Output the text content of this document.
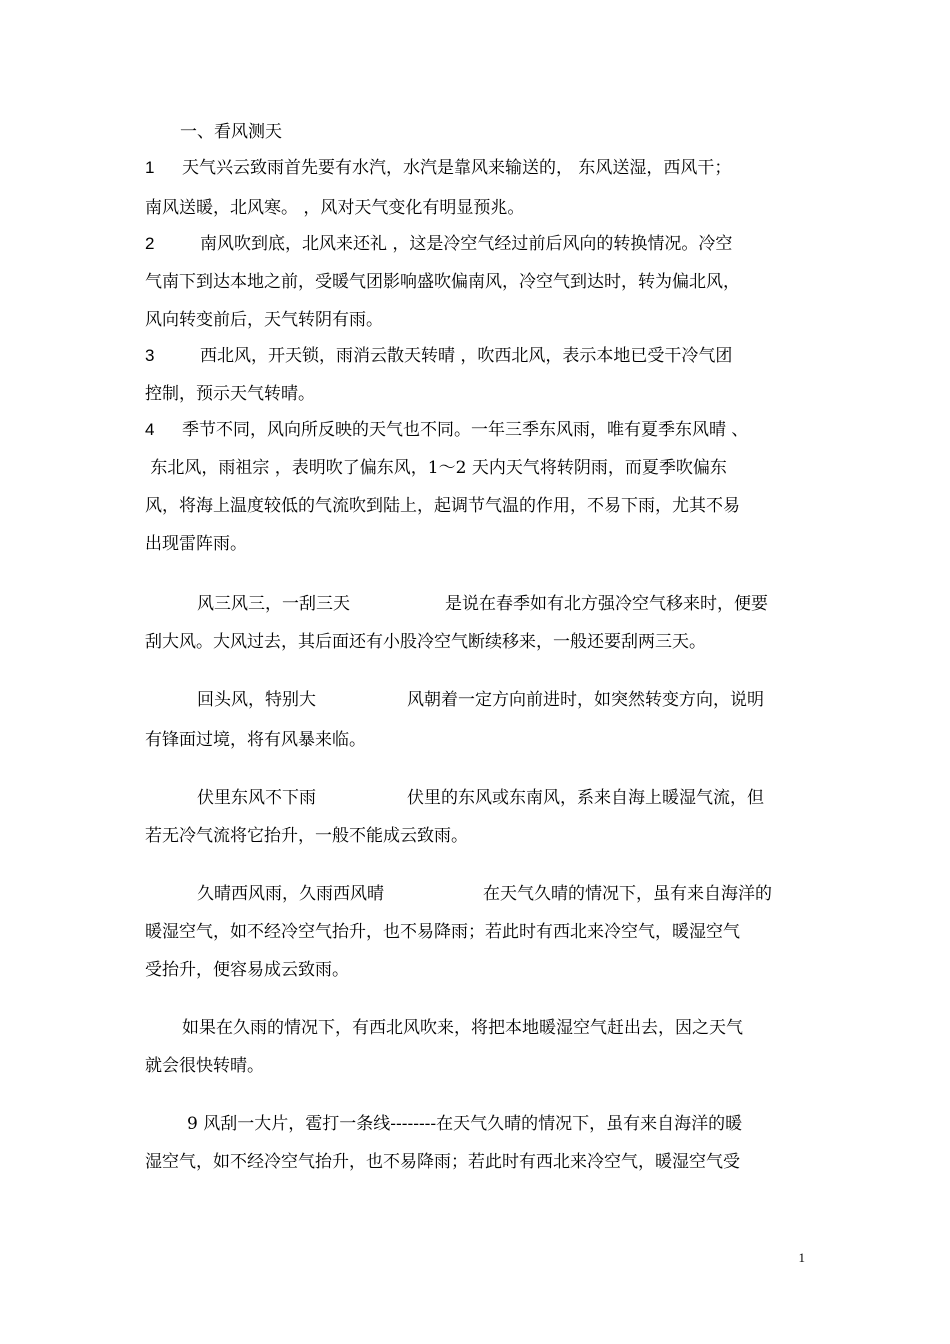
一、看风测天
1 天气兴云致雨首先要有水汽，水汽是靠风来输送的， 东风送湿，西风干；
南风送暖，北风寒。 ，风对天气变化有明显预兆。
2	南风吹到底，北风来还礼 ，这是冷空气经过前后风向的转换情况。冷空
气南下到达本地之前，受暖气团影响盛吹偏南风，冷空气到达时，转为偏北风，
风向转变前后，天气转阴有雨。
3	西北风，开天锁，雨消云散天转晴 ，吹西北风，表示本地已受干冷气团
控制，预示天气转晴。
4 季节不同，风向所反映的天气也不同。一年三季东风雨，唯有夏季东风晴 、
东北风，雨祖宗 ，表明吹了偏东风，1～2 天内天气将转阴雨，而夏季吹偏东
风，将海上温度较低的气流吹到陆上，起调节气温的作用，不易下雨，尤其不易
出现雷阵雨。
风三风三，一刮三天	是说在春季如有北方强冷空气移来时，便要
刮大风。大风过去，其后面还有小股冷空气断续移来，一般还要刮两三天。
回头风，特别大	风朝着一定方向前进时，如突然转变方向，说明
有锋面过境，将有风暴来临。
伏里东风不下雨	伏里的东风或东南风，系来自海上暖湿气流，但
若无冷气流将它抬升，一般不能成云致雨。
久晴西风雨，久雨西风晴	在天气久晴的情况下，虽有来自海洋的
暖湿空气，如不经冷空气抬升，也不易降雨；若此时有西北来冷空气，暖湿空气
受抬升，便容易成云致雨。
如果在久雨的情况下，有西北风吹来，将把本地暖湿空气赶出去，因之天气
就会很快转晴。
9 风刮一大片，雹打一条线--------在天气久晴的情况下，虽有来自海洋的暖
湿空气，如不经冷空气抬升，也不易降雨；若此时有西北来冷空气，暖湿空气受
1
